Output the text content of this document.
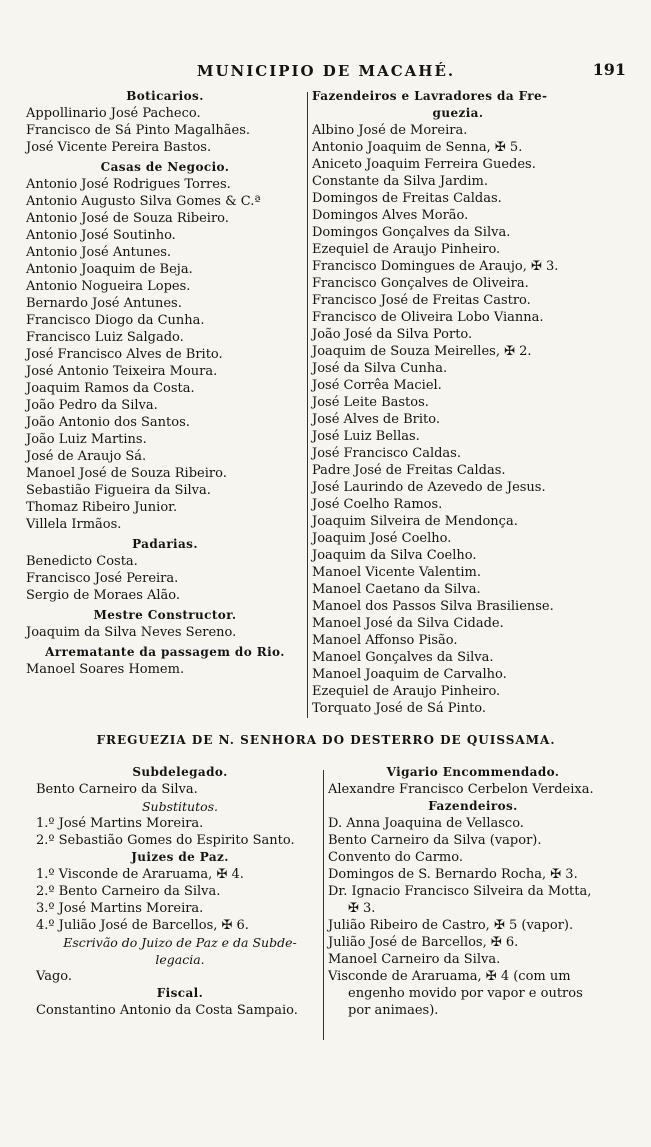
MUNICIPIO DE MACAHÉ.	191
Boticarios.
Appollinario José Pacheco.
Francisco de Sá Pinto Magalhães.
José Vicente Pereira Bastos.
Casas de Negocio.
Antonio José Rodrigues Torres.
Antonio Augusto Silva Gomes & C.ª
Antonio José de Souza Ribeiro.
Antonio José Soutinho.
Antonio José Antunes.
Antonio Joaquim de Beja.
Antonio Nogueira Lopes.
Bernardo José Antunes.
Francisco Diogo da Cunha.
Francisco Luiz Salgado.
José Francisco Alves de Brito.
José Antonio Teixeira Moura.
Joaquim Ramos da Costa.
João Pedro da Silva.
João Antonio dos Santos.
João Luiz Martins.
José de Araujo Sá.
Manoel José de Souza Ribeiro.
Sebastião Figueira da Silva.
Thomaz Ribeiro Junior.
Villela Irmãos.
Padarias.
Benedicto Costa.
Francisco José Pereira.
Sergio de Moraes Alão.
Mestre Constructor.
Joaquim da Silva Neves Sereno.
Arrematante da passagem do Rio.
Manoel Soares Homem.
Fazendeiros e Lavradores da Fre-
guezia.
Albino José de Moreira.
Antonio Joaquim de Senna, ✠ 5.
Aniceto Joaquim Ferreira Guedes.
Constante da Silva Jardim.
Domingos de Freitas Caldas.
Domingos Alves Morão.
Domingos Gonçalves da Silva.
Ezequiel de Araujo Pinheiro.
Francisco Domingues de Araujo, ✠ 3.
Francisco Gonçalves de Oliveira.
Francisco José de Freitas Castro.
Francisco de Oliveira Lobo Vianna.
João José da Silva Porto.
Joaquim de Souza Meirelles, ✠ 2.
José da Silva Cunha.
José Corrêa Maciel.
José Leite Bastos.
José Alves de Brito.
José Luiz Bellas.
José Francisco Caldas.
Padre José de Freitas Caldas.
José Laurindo de Azevedo de Jesus.
José Coelho Ramos.
Joaquim Silveira de Mendonça.
Joaquim José Coelho.
Joaquim da Silva Coelho.
Manoel Vicente Valentim.
Manoel Caetano da Silva.
Manoel dos Passos Silva Brasiliense.
Manoel José da Silva Cidade.
Manoel Affonso Pisão.
Manoel Gonçalves da Silva.
Manoel Joaquim de Carvalho.
Ezequiel de Araujo Pinheiro.
Torquato José de Sá Pinto.
FREGUEZIA DE N. SENHORA DO DESTERRO DE QUISSAMA.
Subdelegado.
Bento Carneiro da Silva.
Substitutos.
1.º José Martins Moreira.
2.º Sebastião Gomes do Espirito Santo.
Juizes de Paz.
1.º Visconde de Araruama, ✠ 4.
2.º Bento Carneiro da Silva.
3.º José Martins Moreira.
4.º Julião José de Barcellos, ✠ 6.
Escrivão do Juizo de Paz e da Subde-
legacia.
Vago.
Fiscal.
Constantino Antonio da Costa Sampaio.
Vigario Encommendado.
Alexandre Francisco Cerbelon Verdeixa.
Fazendeiros.
D. Anna Joaquina de Vellasco.
Bento Carneiro da Silva (vapor).
Convento do Carmo.
Domingos de S. Bernardo Rocha, ✠ 3.
Dr. Ignacio Francisco Silveira da Motta,
✠ 3.
Julião Ribeiro de Castro, ✠ 5 (vapor).
Julião José de Barcellos, ✠ 6.
Manoel Carneiro da Silva.
Visconde de Araruama, ✠ 4 (com um
engenho movido por vapor e outros
por animaes).
